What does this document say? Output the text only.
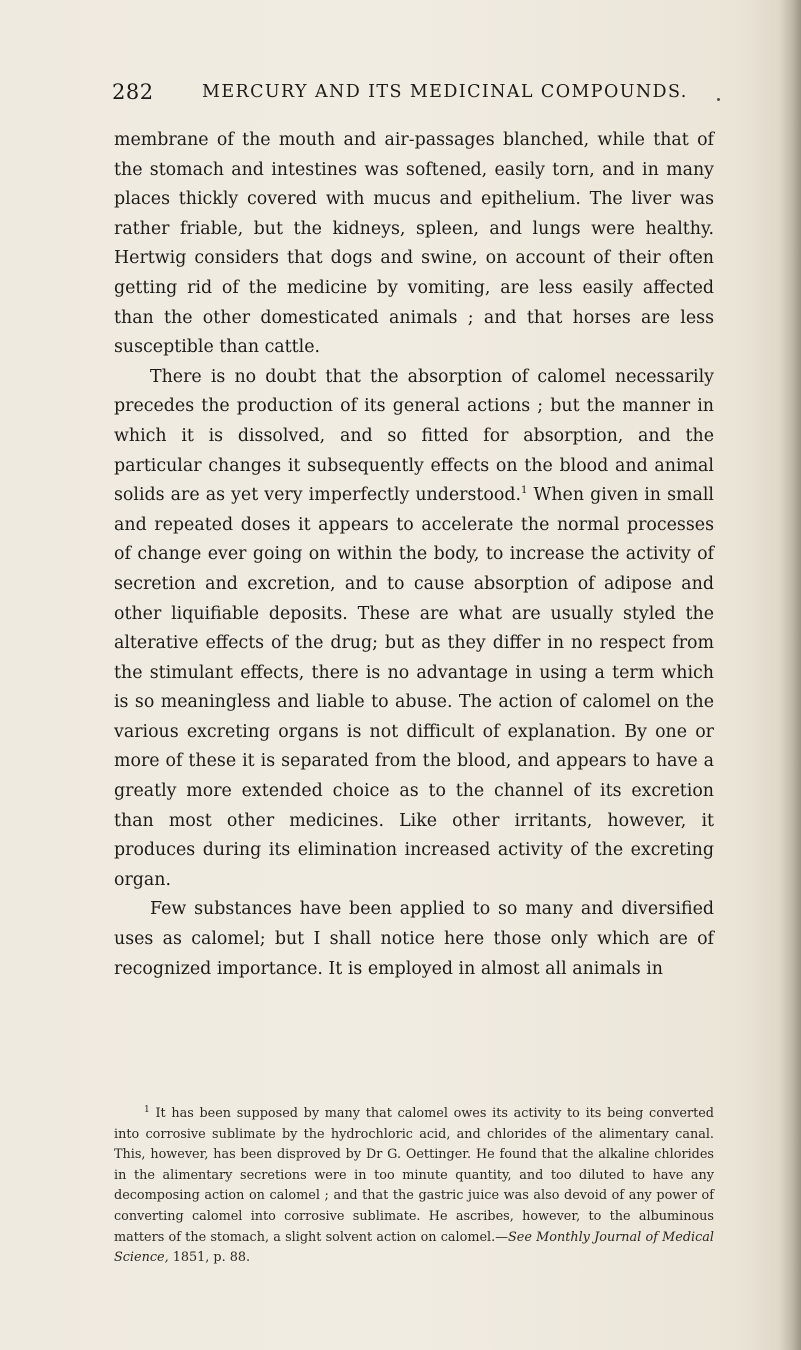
282	MERCURY AND ITS MEDICINAL COMPOUNDS.

membrane of the mouth and air-passages blanched, while that of the stomach and intestines was softened, easily torn, and in many places thickly covered with mucus and epithelium. The liver was rather friable, but the kidneys, spleen, and lungs were healthy. Hertwig considers that dogs and swine, on account of their often getting rid of the medicine by vomiting, are less easily affected than the other domesticated animals ; and that horses are less susceptible than cattle.

There is no doubt that the absorption of calomel necessarily precedes the production of its general actions ; but the manner in which it is dissolved, and so fitted for absorption, and the particular changes it subsequently effects on the blood and animal solids are as yet very imperfectly understood.$^1$ When given in small and repeated doses it appears to accelerate the normal processes of change ever going on within the body, to increase the activity of secretion and excretion, and to cause absorption of adipose and other liquifiable deposits. These are what are usually styled the alterative effects of the drug; but as they differ in no respect from the stimulant effects, there is no advantage in using a term which is so meaningless and liable to abuse. The action of calomel on the various excreting organs is not difficult of explanation. By one or more of these it is separated from the blood, and appears to have a greatly more extended choice as to the channel of its excretion than most other medicines. Like other irritants, however, it produces during its elimination increased activity of the excreting organ.

Few substances have been applied to so many and diversified uses as calomel; but I shall notice here those only which are of recognized importance. It is employed in almost all animals in

$^1$ It has been supposed by many that calomel owes its activity to its being converted into corrosive sublimate by the hydrochloric acid, and chlorides of the alimentary canal. This, however, has been disproved by Dr G. Oettinger. He found that the alkaline chlorides in the alimentary secretions were in too minute quantity, and too diluted to have any decomposing action on calomel ; and that the gastric juice was also devoid of any power of converting calomel into corrosive sublimate. He ascribes, however, to the albuminous matters of the stomach, a slight solvent action on calomel.—See Monthly Journal of Medical Science, 1851, p. 88.
